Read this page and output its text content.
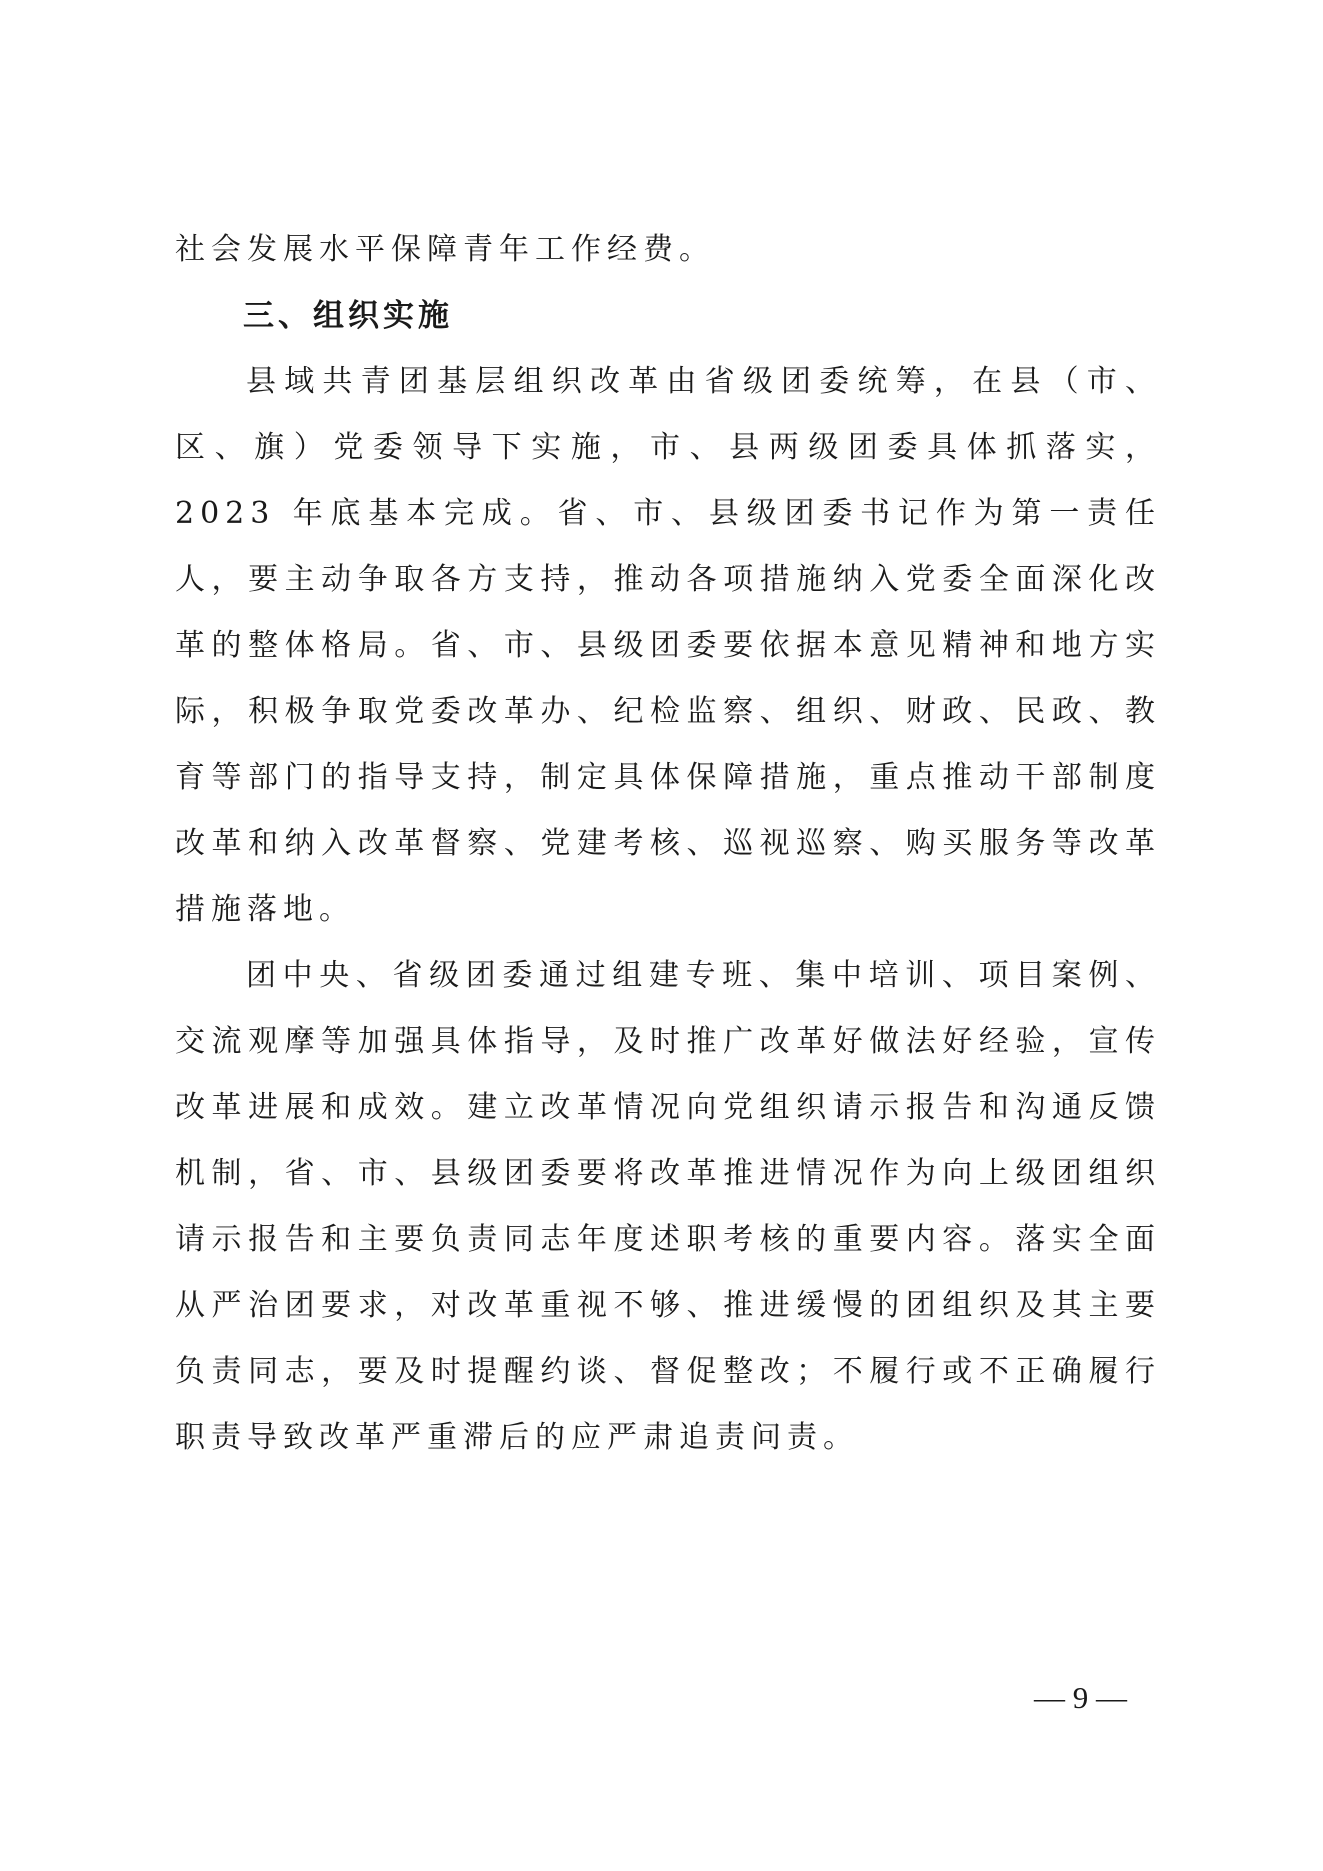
社会发展水平保障青年工作经费。

三、组织实施

县域共青团基层组织改革由省级团委统筹，在县（市、区、旗）党委领导下实施，市、县两级团委具体抓落实，2023 年底基本完成。省、市、县级团委书记作为第一责任人，要主动争取各方支持，推动各项措施纳入党委全面深化改革的整体格局。省、市、县级团委要依据本意见精神和地方实际，积极争取党委改革办、纪检监察、组织、财政、民政、教育等部门的指导支持，制定具体保障措施，重点推动干部制度改革和纳入改革督察、党建考核、巡视巡察、购买服务等改革措施落地。

团中央、省级团委通过组建专班、集中培训、项目案例、交流观摩等加强具体指导，及时推广改革好做法好经验，宣传改革进展和成效。建立改革情况向党组织请示报告和沟通反馈机制，省、市、县级团委要将改革推进情况作为向上级团组织请示报告和主要负责同志年度述职考核的重要内容。落实全面从严治团要求，对改革重视不够、推进缓慢的团组织及其主要负责同志，要及时提醒约谈、督促整改；不履行或不正确履行职责导致改革严重滞后的应严肃追责问责。

— 9 —
